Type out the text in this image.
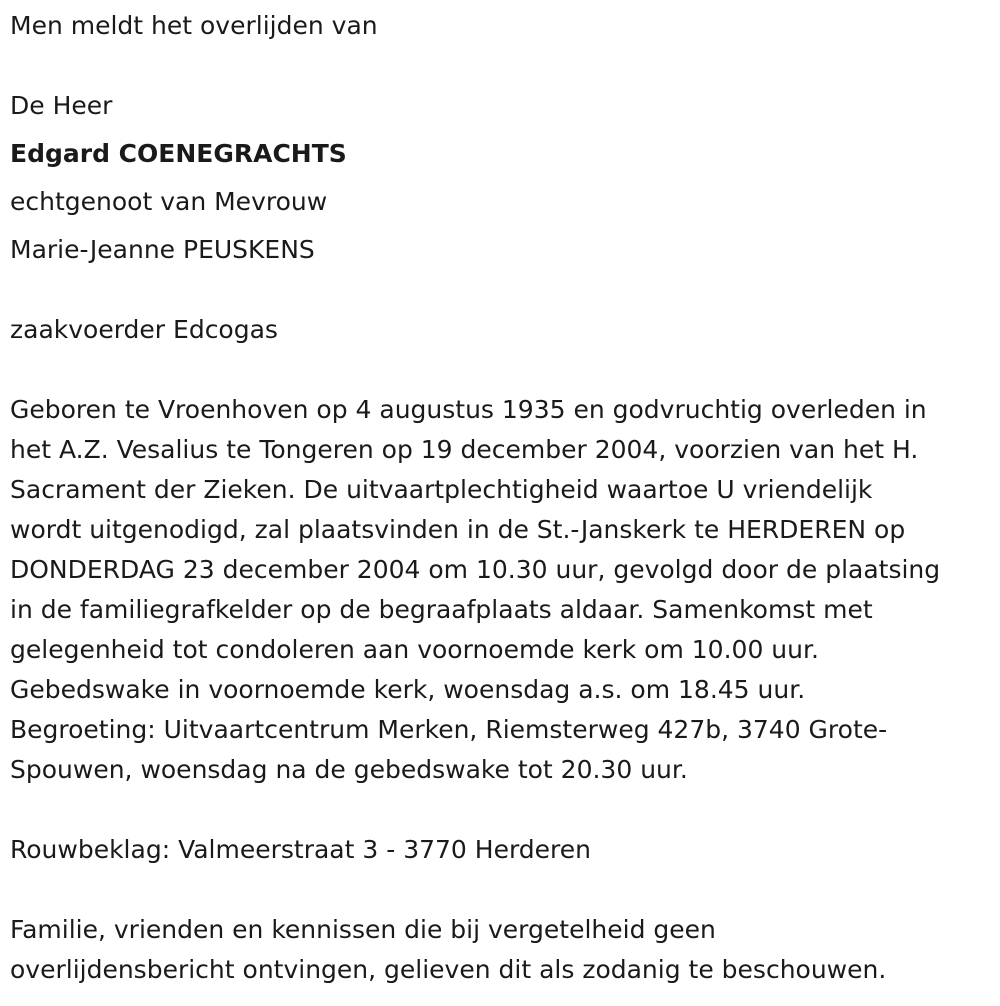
Men meldt het overlijden van
De Heer
Edgard COENEGRACHTS
echtgenoot van Mevrouw
Marie-Jeanne PEUSKENS
zaakvoerder Edcogas

Geboren te Vroenhoven op 4 augustus 1935 en godvruchtig overleden in
het A.Z. Vesalius te Tongeren op 19 december 2004, voorzien van het H.
Sacrament der Zieken. De uitvaartplechtigheid waartoe U vriendelijk
wordt uitgenodigd, zal plaatsvinden in de St.-Janskerk te HERDEREN op
DONDERDAG 23 december 2004 om 10.30 uur, gevolgd door de plaatsing
in de familiegrafkelder op de begraafplaats aldaar. Samenkomst met
gelegenheid tot condoleren aan voornoemde kerk om 10.00 uur.
Gebedswake in voornoemde kerk, woensdag a.s. om 18.45 uur.
Begroeting: Uitvaartcentrum Merken, Riemsterweg 427b, 3740 Grote-
Spouwen, woensdag na de gebedswake tot 20.30 uur.

Rouwbeklag: Valmeerstraat 3 - 3770 Herderen

Familie, vrienden en kennissen die bij vergetelheid geen
overlijdensbericht ontvingen, gelieven dit als zodanig te beschouwen.
